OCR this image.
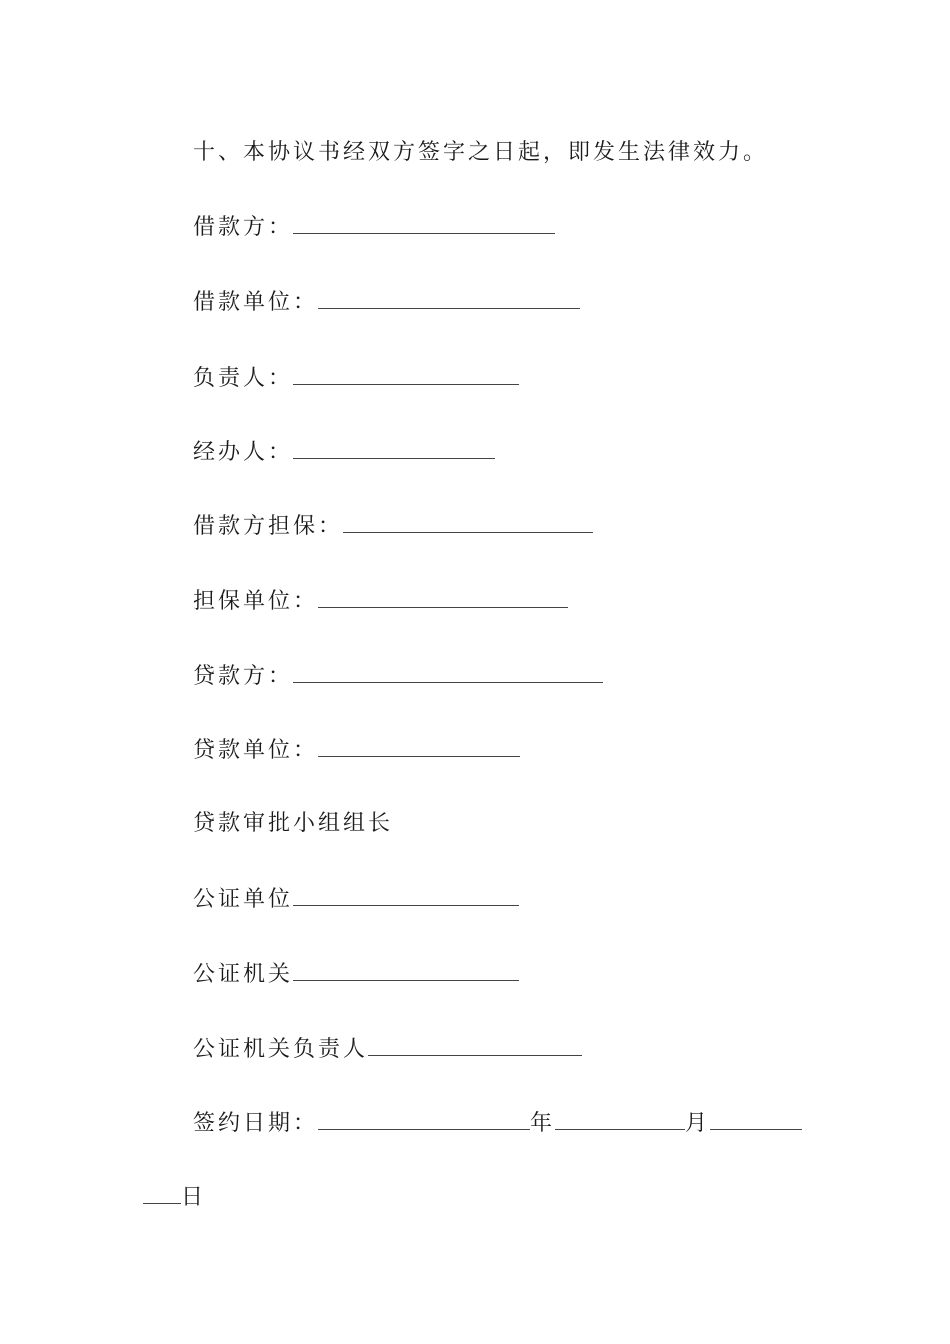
十、本协议书经双方签字之日起，即发生法律效力。
借款方：
借款单位：
负责人：
经办人：
借款方担保：
担保单位：
贷款方：
贷款单位：
贷款审批小组组长
公证单位
公证机关
公证机关负责人
签约日期：	年	月
日
